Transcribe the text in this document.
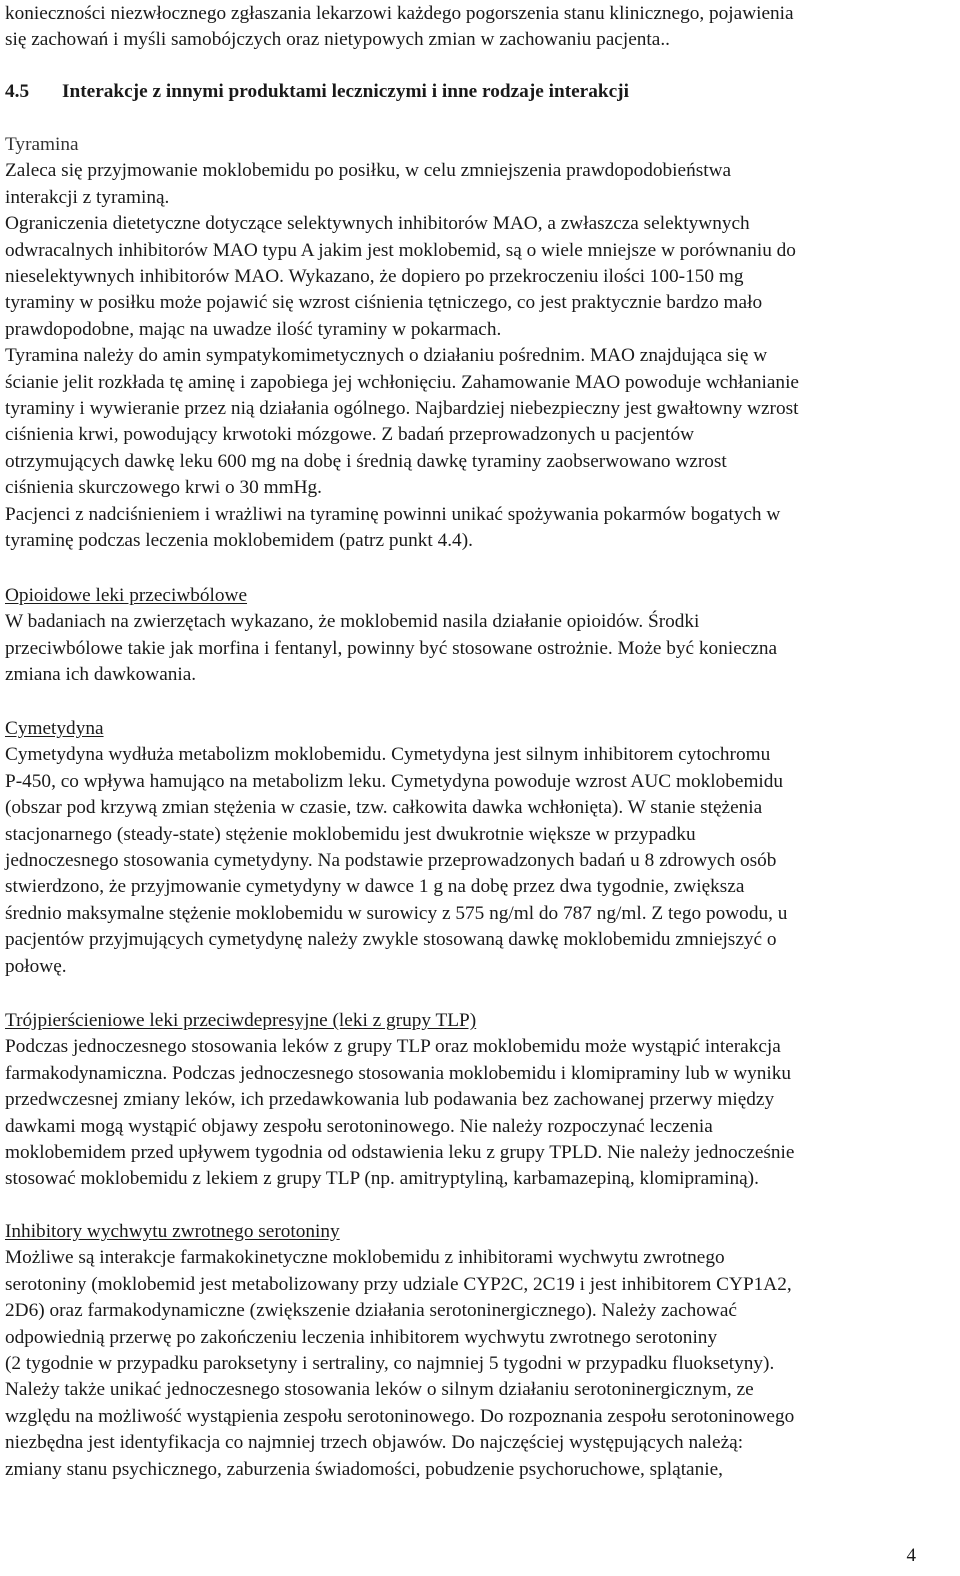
konieczności niezwłocznego zgłaszania lekarzowi każdego pogorszenia stanu klinicznego, pojawienia
się zachowań i myśli samobójczych oraz nietypowych zmian w zachowaniu pacjenta..
4.5 Interakcje z innymi produktami leczniczymi i inne rodzaje interakcji
Tyramina
Zaleca się przyjmowanie moklobemidu po posiłku, w celu zmniejszenia prawdopodobieństwa
interakcji z tyraminą.
Ograniczenia dietetyczne dotyczące selektywnych inhibitorów MAO, a zwłaszcza selektywnych
odwracalnych inhibitorów MAO typu A jakim jest moklobemid, są o wiele mniejsze w porównaniu do
nieselektywnych inhibitorów MAO. Wykazano, że dopiero po przekroczeniu ilości 100-150 mg
tyraminy w posiłku może pojawić się wzrost ciśnienia tętniczego, co jest praktycznie bardzo mało
prawdopodobne, mając na uwadze ilość tyraminy w pokarmach.
Tyramina należy do amin sympatykomimetycznych o działaniu pośrednim. MAO znajdująca się w
ścianie jelit rozkłada tę aminę i zapobiega jej wchłonięciu. Zahamowanie MAO powoduje wchłanianie
tyraminy i wywieranie przez nią działania ogólnego. Najbardziej niebezpieczny jest gwałtowny wzrost
ciśnienia krwi, powodujący krwotoki mózgowe. Z badań przeprowadzonych u pacjentów
otrzymujących dawkę leku 600 mg na dobę i średnią dawkę tyraminy zaobserwowano wzrost
ciśnienia skurczowego krwi o 30 mmHg.
Pacjenci z nadciśnieniem i wrażliwi na tyraminę powinni unikać spożywania pokarmów bogatych w
tyraminę podczas leczenia moklobemidem (patrz punkt 4.4).
Opioidowe leki przeciwbólowe
W badaniach na zwierzętach wykazano, że moklobemid nasila działanie opioidów. Środki
przeciwbólowe takie jak morfina i fentanyl, powinny być stosowane ostrożnie. Może być konieczna
zmiana ich dawkowania.
Cymetydyna
Cymetydyna wydłuża metabolizm moklobemidu. Cymetydyna jest silnym inhibitorem cytochromu
P-450, co wpływa hamująco na metabolizm leku. Cymetydyna powoduje wzrost AUC moklobemidu
(obszar pod krzywą zmian stężenia w czasie, tzw. całkowita dawka wchłonięta). W stanie stężenia
stacjonarnego (steady-state) stężenie moklobemidu jest dwukrotnie większe w przypadku
jednoczesnego stosowania cymetydyny. Na podstawie przeprowadzonych badań u 8 zdrowych osób
stwierdzono, że przyjmowanie cymetydyny w dawce 1 g na dobę przez dwa tygodnie, zwiększa
średnio maksymalne stężenie moklobemidu w surowicy z 575 ng/ml do 787 ng/ml. Z tego powodu, u
pacjentów przyjmujących cymetydynę należy zwykle stosowaną dawkę moklobemidu zmniejszyć o
połowę.
Trójpierścieniowe leki przeciwdepresyjne (leki z grupy TLP)
Podczas jednoczesnego stosowania leków z grupy TLP oraz moklobemidu może wystąpić interakcja
farmakodynamiczna. Podczas jednoczesnego stosowania moklobemidu i klomipraminy lub w wyniku
przedwczesnej zmiany leków, ich przedawkowania lub podawania bez zachowanej przerwy między
dawkami mogą wystąpić objawy zespołu serotoninowego. Nie należy rozpoczynać leczenia
moklobemidem przed upływem tygodnia od odstawienia leku z grupy TPLD. Nie należy jednocześnie
stosować moklobemidu z lekiem z grupy TLP (np. amitryptyliną, karbamazepiną, klomipraminą).
Inhibitory wychwytu zwrotnego serotoniny
Możliwe są interakcje farmakokinetyczne moklobemidu z inhibitorami wychwytu zwrotnego
serotoniny (moklobemid jest metabolizowany przy udziale CYP2C, 2C19 i jest inhibitorem CYP1A2,
2D6) oraz farmakodynamiczne (zwiększenie działania serotoninergicznego). Należy zachować
odpowiednią przerwę po zakończeniu leczenia inhibitorem wychwytu zwrotnego serotoniny
(2 tygodnie w przypadku paroksetyny i sertraliny, co najmniej 5 tygodni w przypadku fluoksetyny).
Należy także unikać jednoczesnego stosowania leków o silnym działaniu serotoninergicznym, ze
względu na możliwość wystąpienia zespołu serotoninowego. Do rozpoznania zespołu serotoninowego
niezbędna jest identyfikacja co najmniej trzech objawów. Do najczęściej występujących należą:
zmiany stanu psychicznego, zaburzenia świadomości, pobudzenie psychoruchowe, splątanie,
4
